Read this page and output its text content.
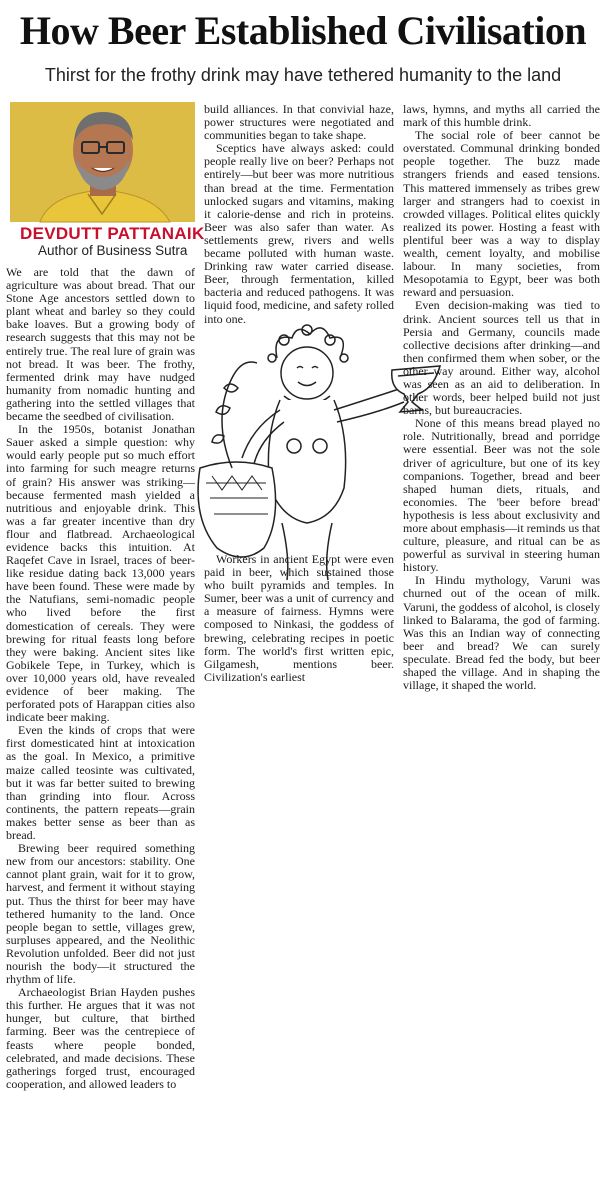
How Beer Established Civilisation
Thirst for the frothy drink may have tethered humanity to the land
DEVDUTT PATTANAIK
Author of Business Sutra

We are told that the dawn of agriculture was about bread. That our Stone Age ancestors settled down to plant wheat and barley so they could bake loaves. But a growing body of research suggests that this may not be entirely true. The real lure of grain was not bread. It was beer. The frothy, fermented drink may have nudged humanity from nomadic hunting and gathering into the settled villages that became the seedbed of civilisation.

In the 1950s, botanist Jonathan Sauer asked a simple question: why would early people put so much effort into farming for such meagre returns of grain? His answer was striking—because fermented mash yielded a nutritious and enjoyable drink. This was a far greater incentive than dry flour and flatbread. Archaeological evidence backs this intuition. At Raqefet Cave in Israel, traces of beer-like residue dating back 13,000 years have been found. These were made by the Natufians, semi-nomadic people who lived before the first domestication of cereals. They were brewing for ritual feasts long before they were baking. Ancient sites like Gobikele Tepe, in Turkey, which is over 10,000 years old, have revealed evidence of beer making. The perforated pots of Harappan cities also indicate beer making.

Even the kinds of crops that were first domesticated hint at intoxication as the goal. In Mexico, a primitive maize called teosinte was cultivated, but it was far better suited to brewing than grinding into flour. Across continents, the pattern repeats—grain makes better sense as beer than as bread.

Brewing beer required something new from our ancestors: stability. One cannot plant grain, wait for it to grow, harvest, and ferment it without staying put. Thus the thirst for beer may have tethered humanity to the land. Once people began to settle, villages grew, surpluses appeared, and the Neolithic Revolution unfolded. Beer did not just nourish the body—it structured the rhythm of life.

Archaeologist Brian Hayden pushes this further. He argues that it was not hunger, but culture, that birthed farming. Beer was the centrepiece of feasts where people bonded, celebrated, and made decisions. These gatherings forged trust, encouraged cooperation, and allowed leaders to

build alliances. In that convivial haze, power structures were negotiated and communities began to take shape.

Sceptics have always asked: could people really live on beer? Perhaps not entirely—but beer was more nutritious than bread at the time. Fermentation unlocked sugars and vitamins, making it calorie-dense and rich in proteins. Beer was also safer than water. As settlements grew, rivers and wells became polluted with human waste. Drinking raw water carried disease. Beer, through fermentation, killed bacteria and reduced pathogens. It was liquid food, medicine, and safety rolled into one.

Workers in ancient Egypt were even paid in beer, which sustained those who built pyramids and temples. In Sumer, beer was a unit of currency and a measure of fairness. Hymns were composed to Ninkasi, the goddess of brewing, celebrating recipes in poetic form. The world's first written epic, Gilgamesh, mentions beer. Civilization's earliest

laws, hymns, and myths all carried the mark of this humble drink.

The social role of beer cannot be overstated. Communal drinking bonded people together. The buzz made strangers friends and eased tensions. This mattered immensely as tribes grew larger and strangers had to coexist in crowded villages. Political elites quickly realized its power. Hosting a feast with plentiful beer was a way to display wealth, cement loyalty, and mobilise labour. In many societies, from Mesopotamia to Egypt, beer was both reward and persuasion.

Even decision-making was tied to drink. Ancient sources tell us that in Persia and Germany, councils made collective decisions after drinking—and then confirmed them when sober, or the other way around. Either way, alcohol was seen as an aid to deliberation. In other words, beer helped build not just barns, but bureaucracies.

None of this means bread played no role. Nutritionally, bread and porridge were essential. Beer was not the sole driver of agriculture, but one of its key companions. Together, bread and beer shaped human diets, rituals, and economies. The 'beer before bread' hypothesis is less about exclusivity and more about emphasis—it reminds us that culture, pleasure, and ritual can be as powerful as survival in steering human history.

In Hindu mythology, Varuni was churned out of the ocean of milk. Varuni, the goddess of alcohol, is closely linked to Balarama, the god of farming. Was this an Indian way of connecting beer and bread? We can surely speculate. Bread fed the body, but beer shaped the village. And in shaping the village, it shaped the world.
